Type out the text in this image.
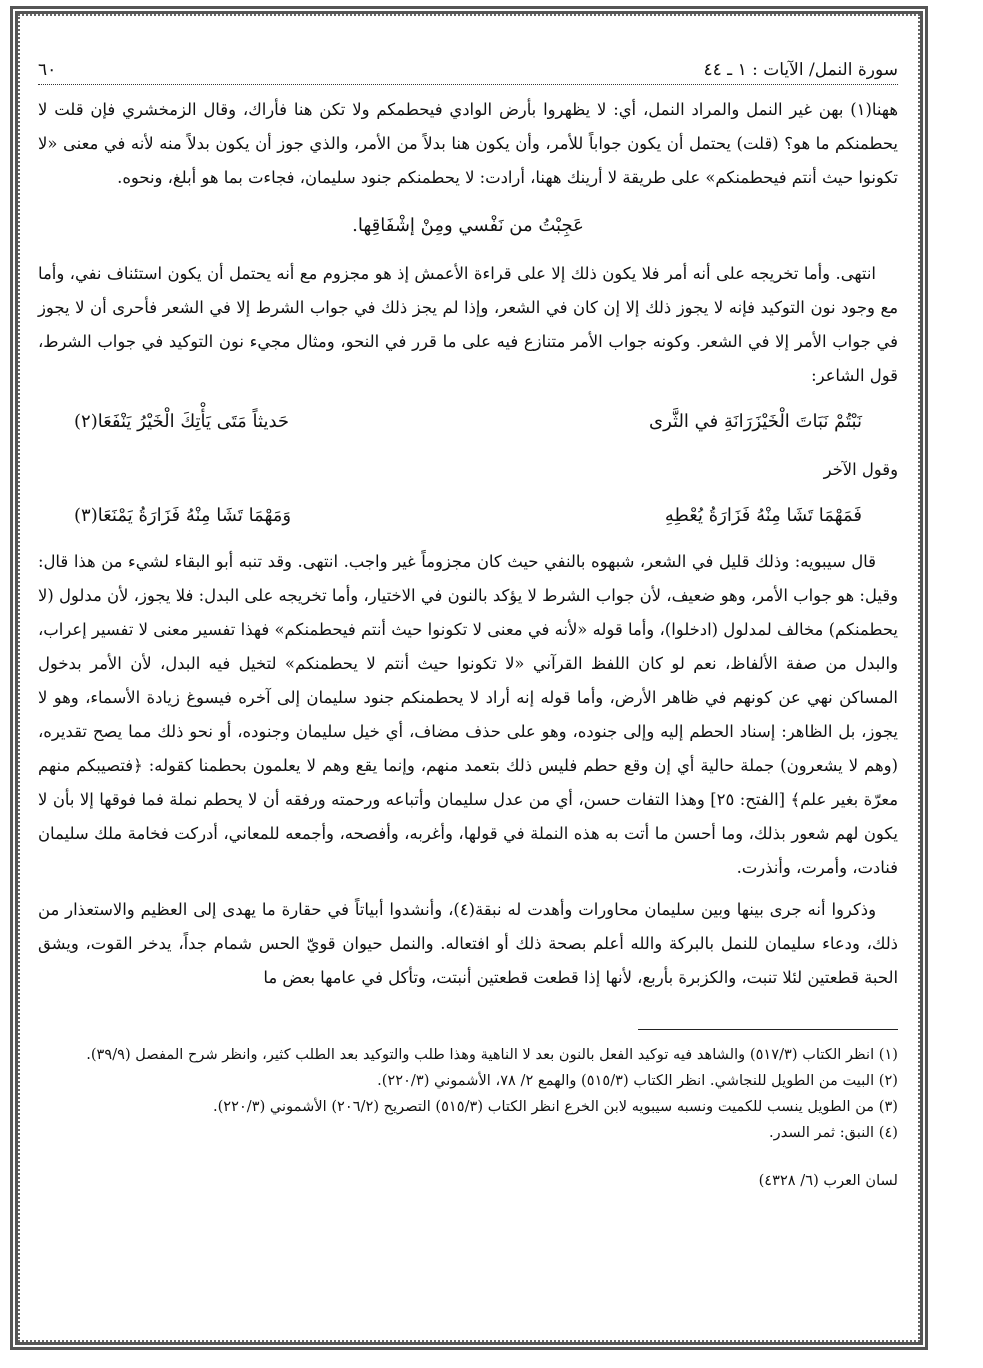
سورة النمل/ الآيات : ١ ـ ٤٤
٦٠

ههنا(١) بهن غير النمل والمراد النمل، أي: لا يظهروا بأرض الوادي فيحطمكم ولا تكن هنا فأراك، وقال الزمخشري فإن قلت لا يحطمنكم ما هو؟ (قلت) يحتمل أن يكون جواباً للأمر، وأن يكون هنا بدلاً من الأمر، والذي جوز أن يكون بدلاً منه لأنه في معنى «لا تكونوا حيث أنتم فيحطمنكم» على طريقة لا أرينك ههنا، أرادت: لا يحطمنكم جنود سليمان، فجاءت بما هو أبلغ، ونحوه.

عَجِبْتُ من نَفْسي ومِنْ إشْفَاقِها.

انتهى. وأما تخريجه على أنه أمر فلا يكون ذلك إلا على قراءة الأعمش إذ هو مجزوم مع أنه يحتمل أن يكون استئناف نفي، وأما مع وجود نون التوكيد فإنه لا يجوز ذلك إلا إن كان في الشعر، وإذا لم يجز ذلك في جواب الشرط إلا في الشعر فأحرى أن لا يجوز في جواب الأمر إلا في الشعر. وكونه جواب الأمر متنازع فيه على ما قرر في النحو، ومثال مجيء نون التوكيد في جواب الشرط، قول الشاعر:

نَبْتُمْ نَبَاتَ الْخَيْزَرَانَةِ في الثَّرى
حَديثاً مَتَى يَأْتِكَ الْخَيْرُ يَنْفَعَا(٢)
وقول الآخر
فَمَهْمَا تَشَا مِنْهُ فَزَارَةُ يُعْطِهِ
وَمَهْمَا تَشَا مِنْهُ فَزَارَةُ يَمْنَعَا(٣)

قال سيبويه: وذلك قليل في الشعر، شبهوه بالنفي حيث كان مجزوماً غير واجب. انتهى. وقد تنبه أبو البقاء لشيء من هذا قال: وقيل: هو جواب الأمر، وهو ضعيف، لأن جواب الشرط لا يؤكد بالنون في الاختيار، وأما تخريجه على البدل: فلا يجوز، لأن مدلول (لا يحطمنكم) مخالف لمدلول (ادخلوا)، وأما قوله «لأنه في معنى لا تكونوا حيث أنتم فيحطمنكم» فهذا تفسير معنى لا تفسير إعراب، والبدل من صفة الألفاظ، نعم لو كان اللفظ القرآني «لا تكونوا حيث أنتم لا يحطمنكم» لتخيل فيه البدل، لأن الأمر بدخول المساكن نهي عن كونهم في ظاهر الأرض، وأما قوله إنه أراد لا يحطمنكم جنود سليمان إلى آخره فيسوغ زيادة الأسماء، وهو لا يجوز، بل الظاهر: إسناد الحطم إليه وإلى جنوده، وهو على حذف مضاف، أي خيل سليمان وجنوده، أو نحو ذلك مما يصح تقديره، (وهم لا يشعرون) جملة حالية أي إن وقع حطم فليس ذلك بتعمد منهم، وإنما يقع وهم لا يعلمون بحطمنا كقوله: ﴿فتصيبكم منهم معرّة بغير علم﴾ [الفتح: ٢٥] وهذا التفات حسن، أي من عدل سليمان وأتباعه ورحمته ورفقه أن لا يحطم نملة فما فوقها إلا بأن لا يكون لهم شعور بذلك، وما أحسن ما أتت به هذه النملة في قولها، وأغربه، وأفصحه، وأجمعه للمعاني، أدركت فخامة ملك سليمان فنادت، وأمرت، وأنذرت.

وذكروا أنه جرى بينها وبين سليمان محاورات وأهدت له نبقة(٤)، وأنشدوا أبياتاً في حقارة ما يهدى إلى العظيم والاستعذار من ذلك، ودعاء سليمان للنمل بالبركة والله أعلم بصحة ذلك أو افتعاله. والنمل حيوان قويّ الحس شمام جداً، يدخر القوت، ويشق الحبة قطعتين لئلا تنبت، والكزبرة بأربع، لأنها إذا قطعت قطعتين أنبتت، وتأكل في عامها بعض ما

(١) انظر الكتاب (٥١٧/٣) والشاهد فيه توكيد الفعل بالنون بعد لا الناهية وهذا طلب والتوكيد بعد الطلب كثير، وانظر شرح المفصل (٣٩/٩).

(٢) البيت من الطويل للنجاشي. انظر الكتاب (٥١٥/٣) والهمع ٢/ ٧٨، الأشموني (٢٢٠/٣).

(٣) من الطويل ينسب للكميت ونسبه سيبويه لابن الخرع انظر الكتاب (٥١٥/٣) التصريح (٢٠٦/٢) الأشموني (٢٢٠/٣).

(٤) النبق: ثمر السدر.

لسان العرب (٦/ ٤٣٢٨)
